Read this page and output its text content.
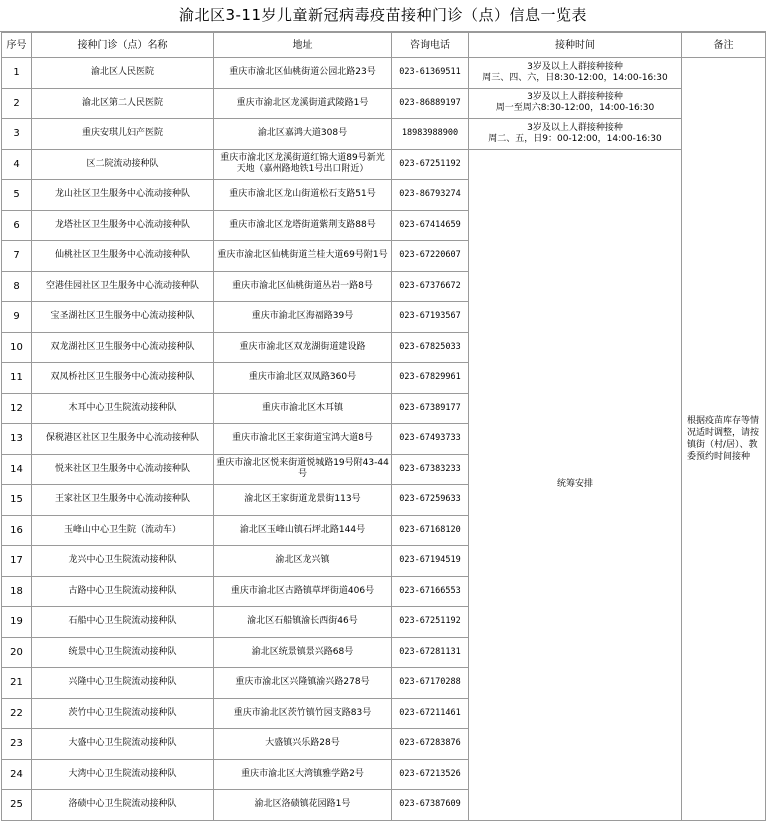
渝北区3-11岁儿童新冠病毒疫苗接种门诊（点）信息一览表
序号	接种门诊（点）名称	地址	咨询电话	接种时间	备注
1	渝北区人民医院	重庆市渝北区仙桃街道公园北路23号	023-61369511	3岁及以上人群接种接种
周三、四、六，日8:30-12:00，14:00-16:30	根据疫苗库存等情况适时调整，请按镇街（村/居）、教委预约时间接种
2	渝北区第二人民医院	重庆市渝北区龙溪街道武陵路1号	023-86889197	3岁及以上人群接种接种
周一至周六8:30-12:00，14:00-16:30	

3	重庆安琪儿妇产医院	渝北区嘉鸿大道308号	18983988900	3岁及以上人群接种接种
周二、五，日9：00-12:00，14:00-16:30	

4	区二院流动接种队	重庆市渝北区龙溪街道红锦大道89号新光天地（嘉州路地铁1号出口附近）	023-67251192	统筹安排	
5	龙山社区卫生服务中心流动接种队	重庆市渝北区龙山街道松石支路51号	023-86793274		
6	龙塔社区卫生服务中心流动接种队	重庆市渝北区龙塔街道紫荆支路88号	023-67414659		
7	仙桃社区卫生服务中心流动接种队	重庆市渝北区仙桃街道兰桂大道69号附1号	023-67220607		
8	空港佳园社区卫生服务中心流动接种队	重庆市渝北区仙桃街道丛岩一路8号	023-67376672		
9	宝圣湖社区卫生服务中心流动接种队	重庆市渝北区海福路39号	023-67193567		
10	双龙湖社区卫生服务中心流动接种队	重庆市渝北区双龙湖街道建设路	023-67825033		
11	双凤桥社区卫生服务中心流动接种队	重庆市渝北区双凤路360号	023-67829961		
12	木耳中心卫生院流动接种队	重庆市渝北区木耳镇	023-67389177		
13	保税港区社区卫生服务中心流动接种队	重庆市渝北区王家街道宝鸿大道8号	023-67493733		
14	悦来社区卫生服务中心流动接种队	重庆市渝北区悦来街道悦城路19号附43-44号	023-67383233		
15	王家社区卫生服务中心流动接种队	渝北区王家街道龙景街113号	023-67259633		
16	玉峰山中心卫生院（流动车）	渝北区玉峰山镇石坪北路144号	023-67168120		
17	龙兴中心卫生院流动接种队	渝北区龙兴镇	023-67194519		
18	古路中心卫生院流动接种队	重庆市渝北区古路镇草坪街道406号	023-67166553		
19	石船中心卫生院流动接种队	渝北区石船镇渝长西街46号	023-67251192		
20	统景中心卫生院流动接种队	渝北区统景镇景兴路68号	023-67281131		
21	兴隆中心卫生院流动接种队	重庆市渝北区兴隆镇渝兴路278号	023-67170288		
22	茨竹中心卫生院流动接种队	重庆市渝北区茨竹镇竹园支路83号	023-67211461		
23	大盛中心卫生院流动接种队	大盛镇兴乐路28号	023-67283876		
24	大湾中心卫生院流动接种队	重庆市渝北区大湾镇雅学路2号	023-67213526		
25	洛碛中心卫生院流动接种队	渝北区洛碛镇花园路1号	023-67387609		
